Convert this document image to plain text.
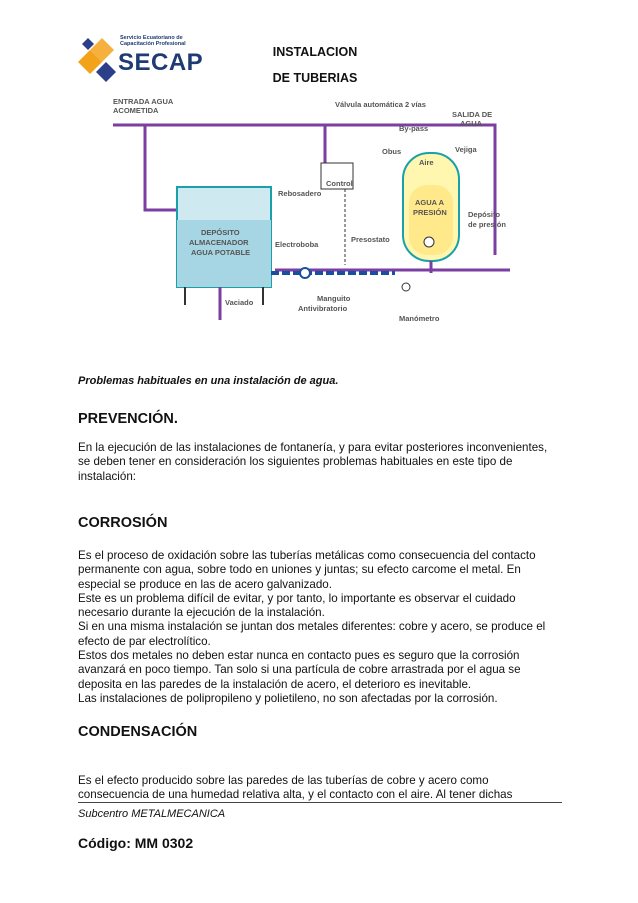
Servicio Ecuatoriano de Capacitación Profesional
SECAP	INSTALACION
DE TUBERIAS
ENTRADA AGUA
ACOMETIDA
Válvula automática 2 vías
SALIDA DE
AGUA
By-pass
Obus	Vejiga
Aire
Control
Rebosadero
DEPÓSITO
ALMACENADOR
AGUA POTABLE
AGUA A
PRESIÓN	Depósito
de presión
Presostato
Electroboba
Vaciado	Manguito
Antivibratorio
Manómetro
Problemas habituales en una instalación de agua.
PREVENCIÓN.
En la ejecución de las instalaciones de fontanería, y para evitar posteriores inconvenientes,
se deben tener en consideración los siguientes problemas habituales en este tipo de
instalación:
CORROSIÓN
Es el proceso de oxidación sobre las tuberías metálicas como consecuencia del contacto
permanente con agua, sobre todo en uniones y juntas; su efecto carcome el metal. En
especial se produce en las de acero galvanizado.
Este es un problema difícil de evitar, y por tanto, lo importante es observar el cuidado
necesario durante la ejecución de la instalación.
Si en una misma instalación se juntan dos metales diferentes: cobre y acero, se produce el
efecto de par electrolítico.
Estos dos metales no deben estar nunca en contacto pues es seguro que la corrosión
avanzará en poco tiempo. Tan solo si una partícula de cobre arrastrada por el agua se
deposita en las paredes de la instalación de acero, el deterioro es inevitable.
Las instalaciones de polipropileno y polietileno, no son afectadas por la corrosión.
CONDENSACIÓN
Es el efecto producido sobre las paredes de las tuberías de cobre y acero como
consecuencia de una humedad relativa alta, y el contacto con el aire. Al tener dichas
Subcentro METALMECANICA
Código: MM 0302
